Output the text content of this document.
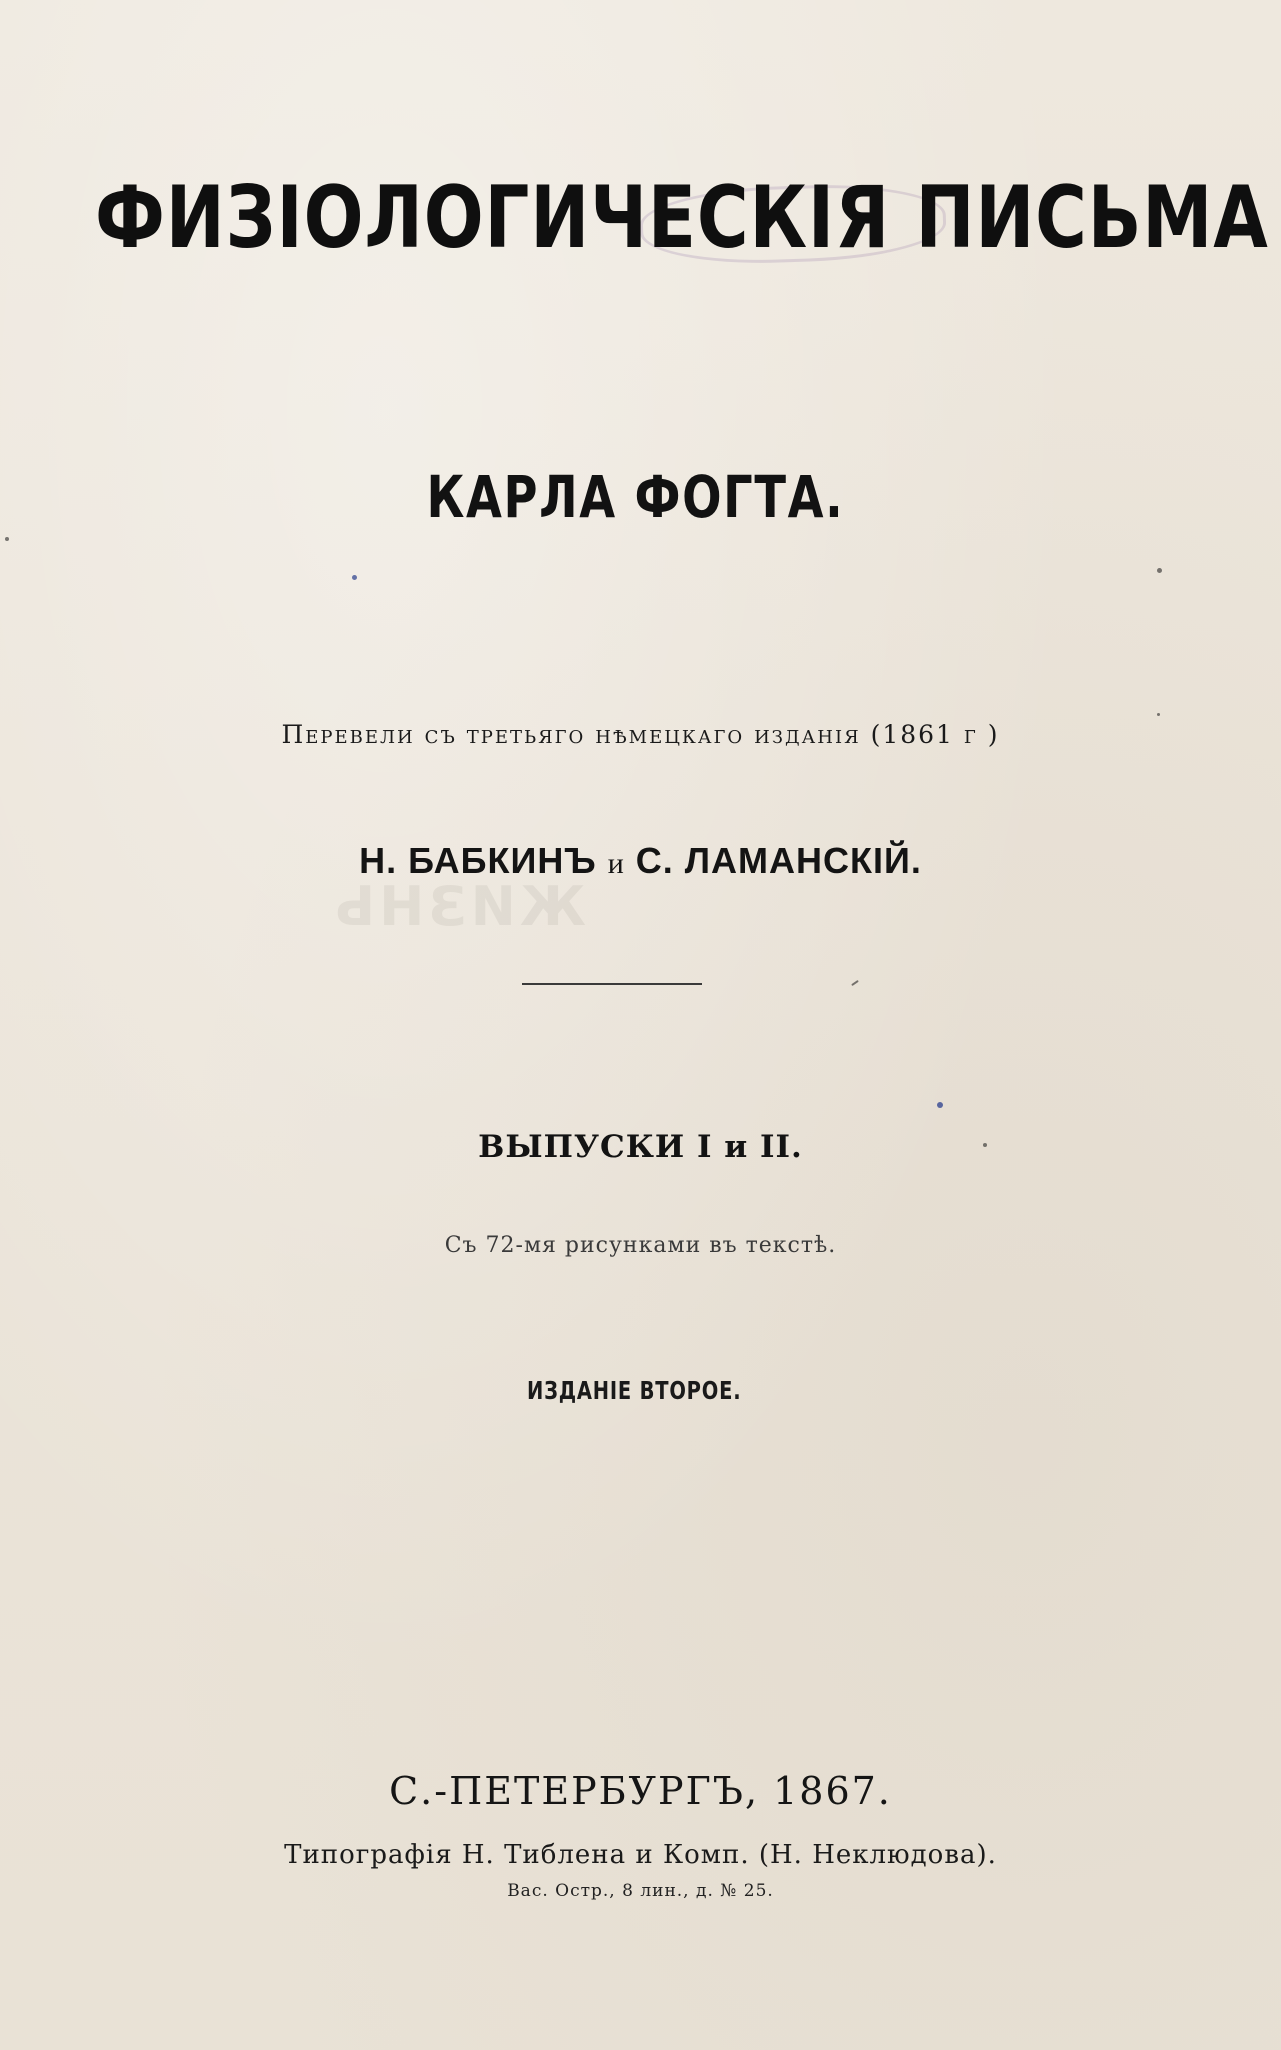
ЖИЗНЬ
ФИЗІОЛОГИЧЕСКІЯ ПИСЬМА
КАРЛА ФОГТА.
Перевели съ третьяго нѣмецкаго изданія (1861 г )
Н. БАБКИНЪ и С. ЛАМАНСКІЙ.
ВЫПУСКИ I и II.
Съ 72-мя рисунками въ текстѣ.
ИЗДАНІЕ ВТОРОЕ.
С.-ПЕТЕРБУРГЪ, 1867.
Типографія Н. Тиблена и Комп. (Н. Неклюдова).
Вас. Остр., 8 лин., д. № 25.
